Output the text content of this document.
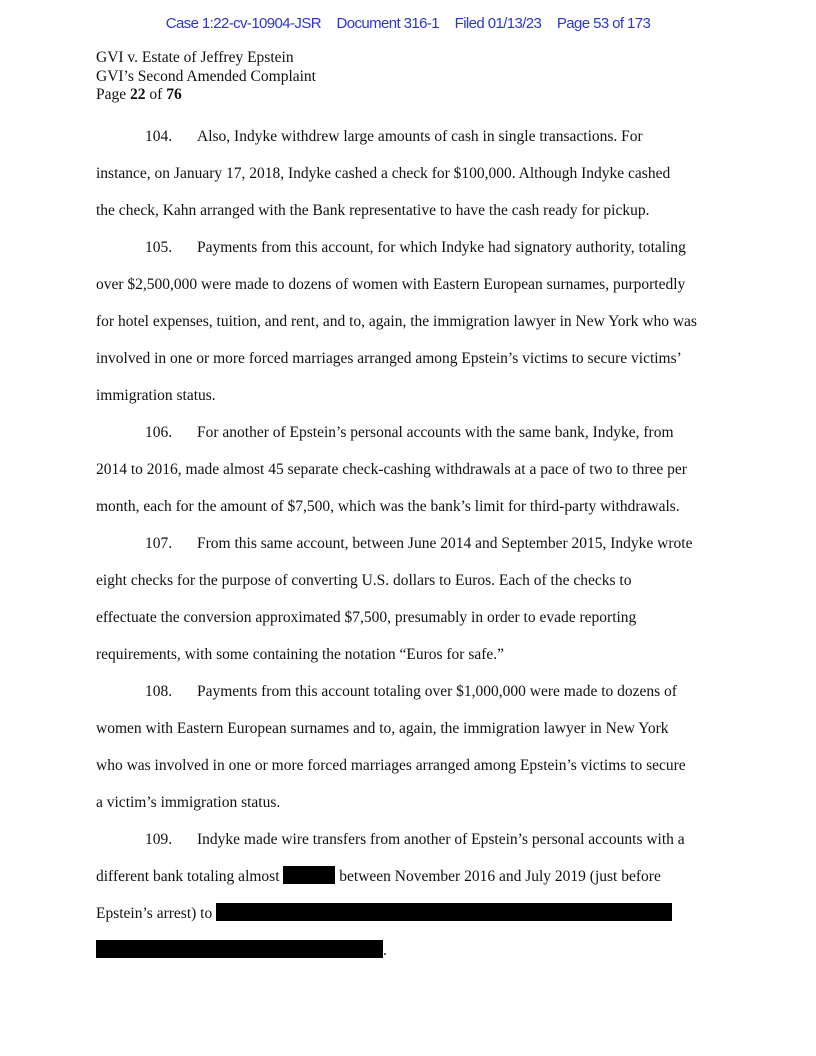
Case 1:22-cv-10904-JSR Document 316-1 Filed 01/13/23 Page 53 of 173
GVI v. Estate of Jeffrey Epstein
GVI’s Second Amended Complaint
Page 22 of 76
104. Also, Indyke withdrew large amounts of cash in single transactions. For
instance, on January 17, 2018, Indyke cashed a check for $100,000. Although Indyke cashed
the check, Kahn arranged with the Bank representative to have the cash ready for pickup.
105. Payments from this account, for which Indyke had signatory authority, totaling
over $2,500,000 were made to dozens of women with Eastern European surnames, purportedly
for hotel expenses, tuition, and rent, and to, again, the immigration lawyer in New York who was
involved in one or more forced marriages arranged among Epstein’s victims to secure victims’
immigration status.
106. For another of Epstein’s personal accounts with the same bank, Indyke, from
2014 to 2016, made almost 45 separate check-cashing withdrawals at a pace of two to three per
month, each for the amount of $7,500, which was the bank’s limit for third-party withdrawals.
107. From this same account, between June 2014 and September 2015, Indyke wrote
eight checks for the purpose of converting U.S. dollars to Euros. Each of the checks to
effectuate the conversion approximated $7,500, presumably in order to evade reporting
requirements, with some containing the notation “Euros for safe.”
108. Payments from this account totaling over $1,000,000 were made to dozens of
women with Eastern European surnames and to, again, the immigration lawyer in New York
who was involved in one or more forced marriages arranged among Epstein’s victims to secure
a victim’s immigration status.
109. Indyke made wire transfers from another of Epstein’s personal accounts with a
different bank totaling almost	between November 2016 and July 2019 (just before
Epstein’s arrest) to
.
